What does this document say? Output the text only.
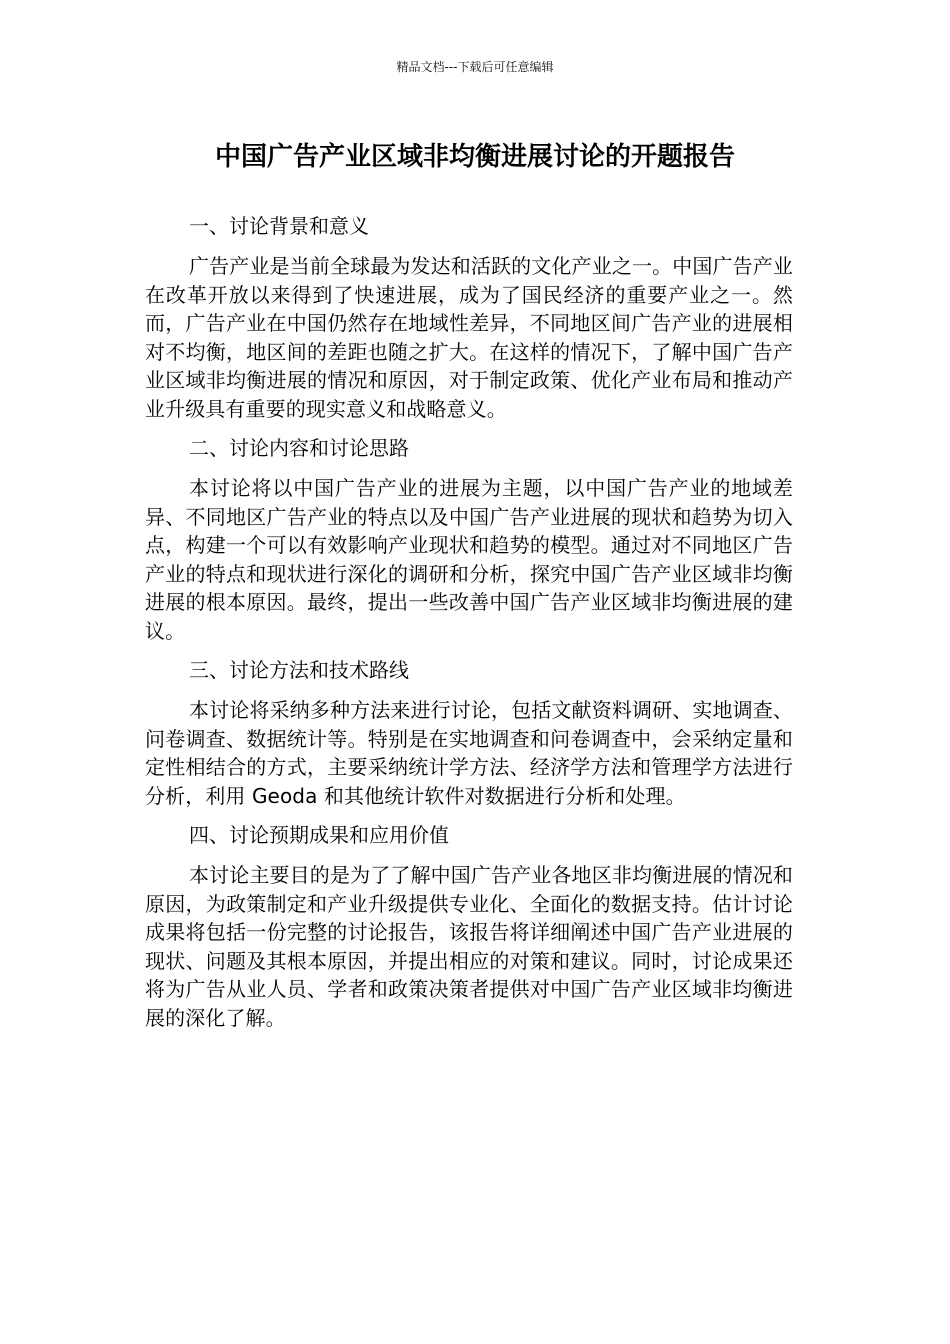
精品文档---下载后可任意编辑
中国广告产业区域非均衡进展讨论的开题报告
一、讨论背景和意义
广告产业是当前全球最为发达和活跃的文化产业之一。中国广告产业在改革开放以来得到了快速进展，成为了国民经济的重要产业之一。然而，广告产业在中国仍然存在地域性差异，不同地区间广告产业的进展相对不均衡，地区间的差距也随之扩大。在这样的情况下，了解中国广告产业区域非均衡进展的情况和原因，对于制定政策、优化产业布局和推动产业升级具有重要的现实意义和战略意义。
二、讨论内容和讨论思路
本讨论将以中国广告产业的进展为主题，以中国广告产业的地域差异、不同地区广告产业的特点以及中国广告产业进展的现状和趋势为切入点，构建一个可以有效影响产业现状和趋势的模型。通过对不同地区广告产业的特点和现状进行深化的调研和分析，探究中国广告产业区域非均衡进展的根本原因。最终，提出一些改善中国广告产业区域非均衡进展的建议。
三、讨论方法和技术路线
本讨论将采纳多种方法来进行讨论，包括文献资料调研、实地调查、问卷调查、数据统计等。特别是在实地调查和问卷调查中，会采纳定量和定性相结合的方式，主要采纳统计学方法、经济学方法和管理学方法进行分析，利用 Geoda 和其他统计软件对数据进行分析和处理。
四、讨论预期成果和应用价值
本讨论主要目的是为了了解中国广告产业各地区非均衡进展的情况和原因，为政策制定和产业升级提供专业化、全面化的数据支持。估计讨论成果将包括一份完整的讨论报告，该报告将详细阐述中国广告产业进展的现状、问题及其根本原因，并提出相应的对策和建议。同时，讨论成果还将为广告从业人员、学者和政策决策者提供对中国广告产业区域非均衡进展的深化了解。
